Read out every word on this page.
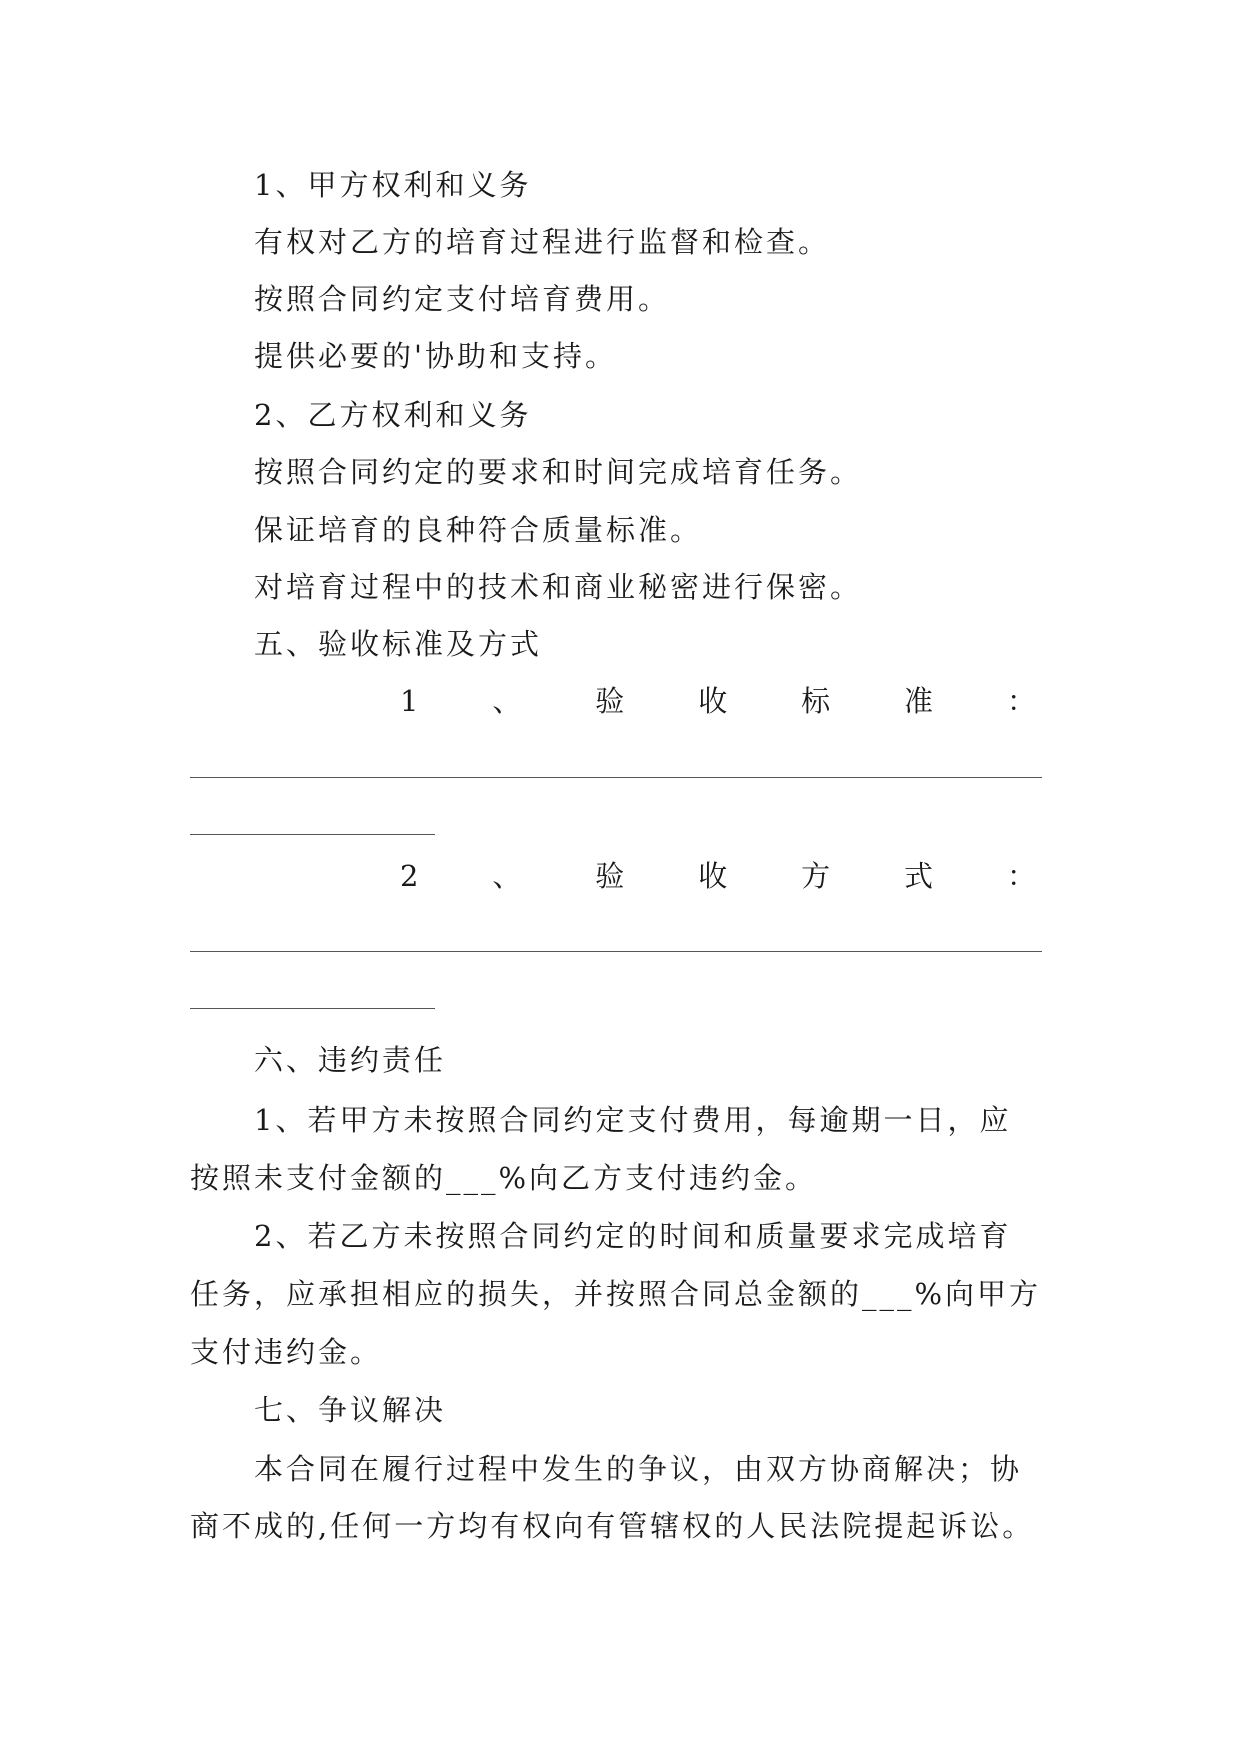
1、甲方权利和义务
有权对乙方的培育过程进行监督和检查。
按照合同约定支付培育费用。
提供必要的'协助和支持。
2、乙方权利和义务
按照合同约定的要求和时间完成培育任务。
保证培育的良种符合质量标准。
对培育过程中的技术和商业秘密进行保密。
五、验收标准及方式
1	、	验	收	标	准	：
2	、	验	收	方	式	：
六、违约责任
1、若甲方未按照合同约定支付费用，每逾期一日，应
按照未支付金额的___%向乙方支付违约金。
2、若乙方未按照合同约定的时间和质量要求完成培育
任务，应承担相应的损失，并按照合同总金额的___%向甲方
支付违约金。
七、争议解决
本合同在履行过程中发生的争议，由双方协商解决；协
商不成的,任何一方均有权向有管辖权的人民法院提起诉讼。
